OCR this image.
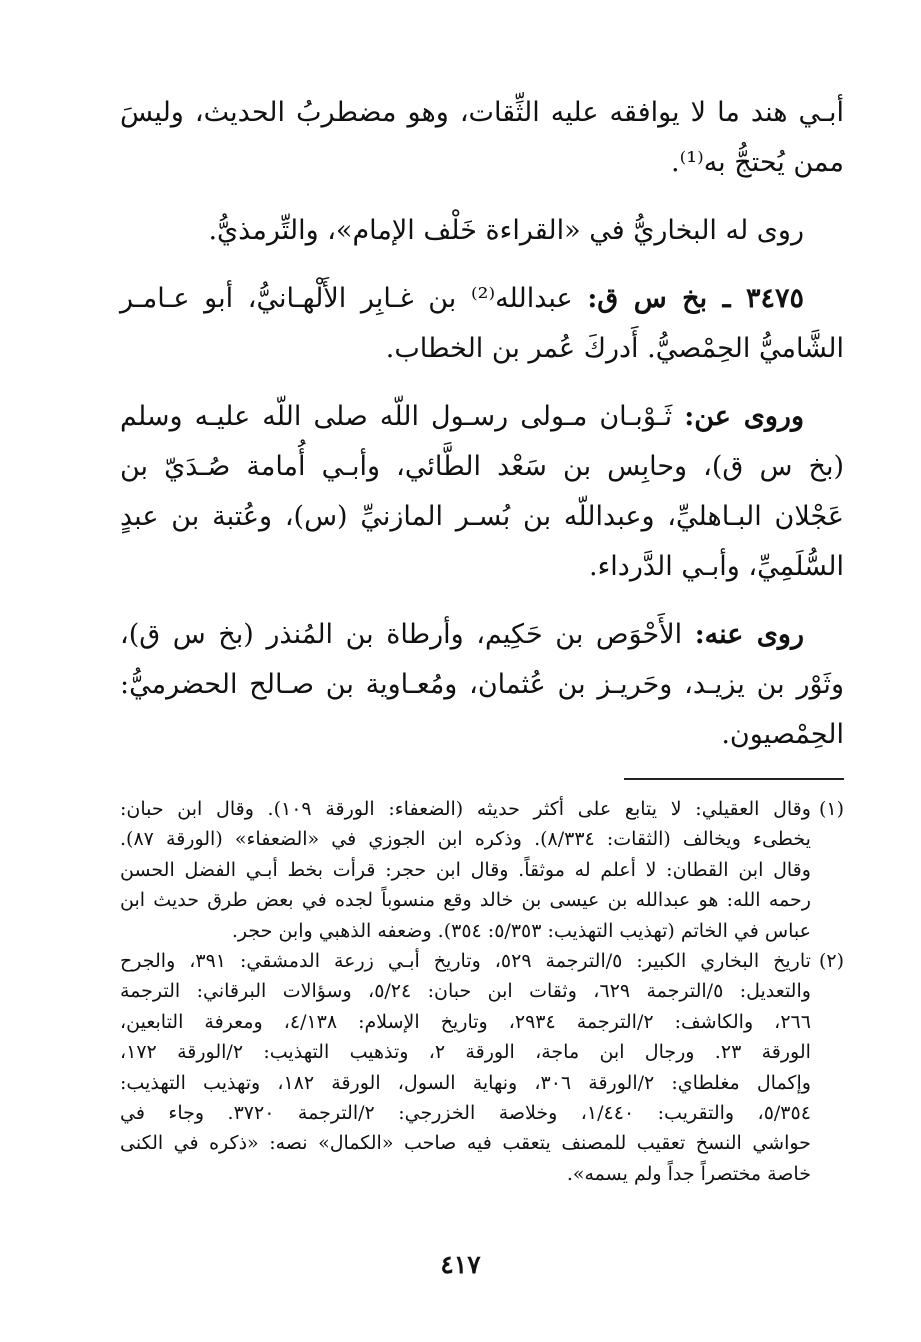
أبـي هند ما لا يوافقه عليه الثِّقات، وهو مضطربُ الحديث، وليسَ ممن يُحتجُّ به⁽¹⁾.

روى له البخاريُّ في «القراءة خَلْف الإمام»، والتِّرمذيُّ.

٣٤٧٥ ـ بخ س ق: عبدالله⁽²⁾ بن غـابِر الأَلْهـانيُّ، أبو عـامـر الشَّاميُّ الحِمْصيُّ. أَدركَ عُمر بن الخطاب.

وروى عن: ثَـوْبـان مـولى رسـول اللّه صلى اللّه عليـه وسلم (بخ س ق)، وحابِس بن سَعْد الطَّائي، وأبـي أُمامة صُـدَيّ بن عَجْلان البـاهليِّ، وعبداللّه بن بُسـر المازنيِّ (س)، وعُتبة بن عبدٍ السُّلَمِيِّ، وأبـي الدَّرداء.

روى عنه: الأَحْوَص بن حَكِيم، وأرطاة بن المُنذر (بخ س ق)، وثَوْر بن يزيـد، وحَريـز بن عُثمان، ومُعـاوية بن صـالح الحضرميُّ: الحِمْصيون.

(١)
وقال العقيلي: لا يتابع على أكثر حديثه (الضعفاء: الورقة ١٠٩). وقال ابن حبان:
يخطىء ويخالف (الثقات: ٨/٣٣٤). وذكره ابن الجوزي في «الضعفاء» (الورقة ٨٧).
وقال ابن القطان: لا أعلم له موثقاً. وقال ابن حجر: قرأت بخط أبـي الفضل الحسن
رحمه الله: هو عبدالله بن عيسى بن خالد وقع منسوباً لجده في بعض طرق حديث ابن
عباس في الخاتم (تهذيب التهذيب: ٥/٣٥٣: ٣٥٤). وضعفه الذهبي وابن حجر.
(٢)
تاريخ البخاري الكبير: ٥/الترجمة ٥٢٩، وتاريخ أبـي زرعة الدمشقي: ٣٩١، والجرح
والتعديل: ٥/الترجمة ٦٢٩، وثقات ابن حبان: ٥/٢٤، وسؤالات البرقاني: الترجمة
٢٦٦، والكاشف: ٢/الترجمة ٢٩٣٤، وتاريخ الإسلام: ٤/١٣٨، ومعرفة التابعين،
الورقة ٢٣. ورجال ابن ماجة، الورقة ٢، وتذهيب التهذيب: ٢/الورقة ١٧٢،
وإكمال مغلطاي: ٢/الورقة ٣٠٦، ونهاية السول، الورقة ١٨٢، وتهذيب التهذيب:
٥/٣٥٤، والتقريب: ١/٤٤٠، وخلاصة الخزرجي: ٢/الترجمة ٣٧٢٠. وجاء في
حواشي النسخ تعقيب للمصنف يتعقب فيه صاحب «الكمال» نصه: «ذكره في الكنى
خاصة مختصراً جداً ولم يسمه».
٤١٧
